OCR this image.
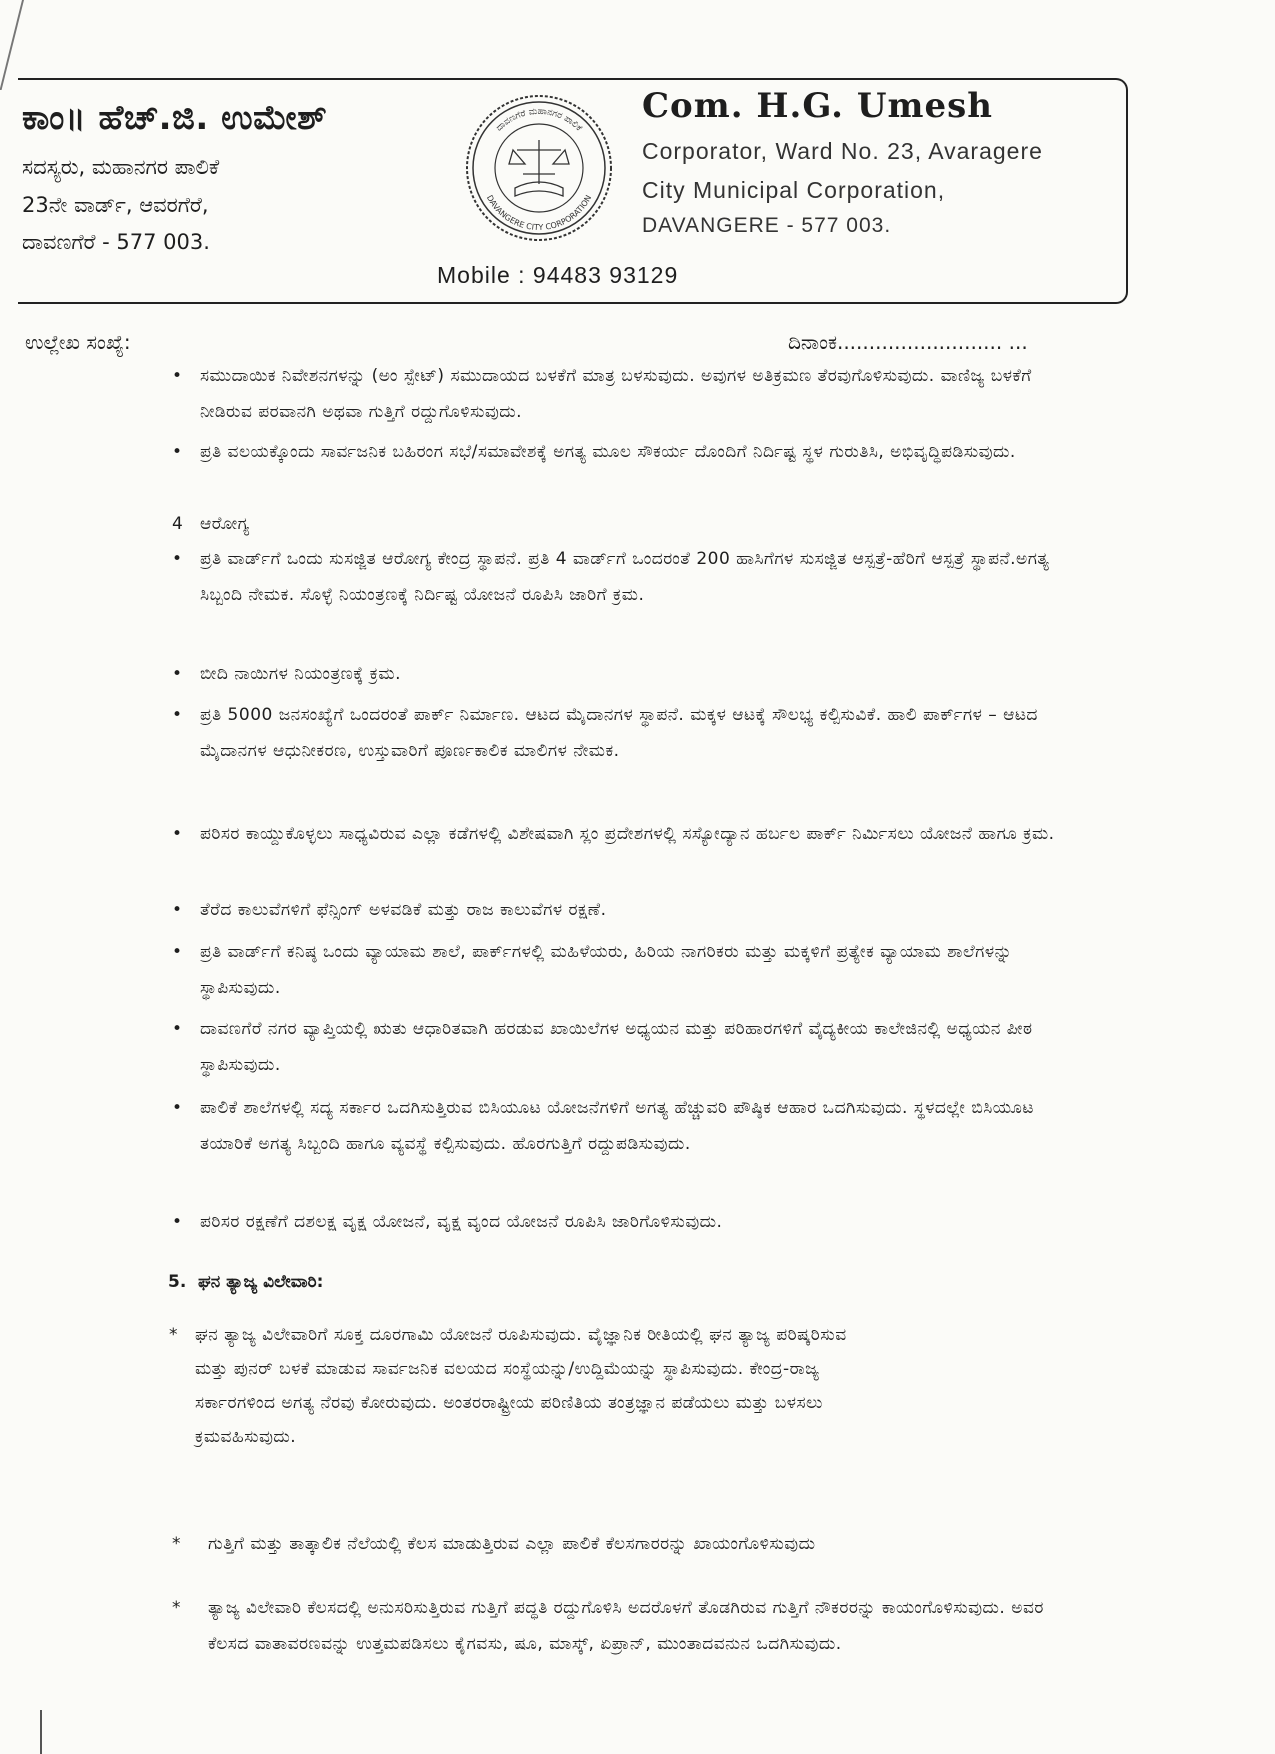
ಕಾಂ॥ ಹೆಚ್.ಜಿ. ಉಮೇಶ್
ಸದಸ್ಯರು, ಮಹಾನಗರ ಪಾಲಿಕೆ
23ನೇ ವಾರ್ಡ್, ಆವರಗೆರೆ,
ದಾವಣಗೆರೆ - 577 003.
ದಾವಣಗೆರೆ ಮಹಾನಗರ ಪಾಲಿಕೆ
DAVANGERE CITY CORPORATION
Com. H.G. Umesh
Corporator, Ward No. 23, Avaragere
City Municipal Corporation,
DAVANGERE - 577 003.
Mobile : 94483 93129
ಉಲ್ಲೇಖ ಸಂಖ್ಯೆ:	ದಿನಾಂಕ.......................... ...
• ಸಮುದಾಯಿಕ ನಿವೇಶನಗಳನ್ನು (ಅಂ ಸ್ಪೇಟ್) ಸಮುದಾಯದ ಬಳಕೆಗೆ ಮಾತ್ರ ಬಳಸುವುದು. ಅವುಗಳ ಅತಿಕ್ರಮಣ ತೆರವುಗೊಳಿಸುವುದು. ವಾಣಿಜ್ಯ ಬಳಕೆಗೆ ನೀಡಿರುವ ಪರವಾನಗಿ ಅಥವಾ ಗುತ್ತಿಗೆ ರದ್ದುಗೊಳಿಸುವುದು.
• ಪ್ರತಿ ವಲಯಕ್ಕೊಂದು ಸಾರ್ವಜನಿಕ ಬಹಿರಂಗ ಸಭೆ/ಸಮಾವೇಶಕ್ಕೆ ಅಗತ್ಯ ಮೂಲ ಸೌಕರ್ಯ ದೊಂದಿಗೆ ನಿರ್ದಿಷ್ಟ ಸ್ಥಳ ಗುರುತಿಸಿ, ಅಭಿವೃದ್ಧಿಪಡಿಸುವುದು.
4 ಆರೋಗ್ಯ
• ಪ್ರತಿ ವಾರ್ಡ್‌ಗೆ ಒಂದು ಸುಸಜ್ಜಿತ ಆರೋಗ್ಯ ಕೇಂದ್ರ ಸ್ಥಾಪನೆ. ಪ್ರತಿ 4 ವಾರ್ಡ್‌ಗೆ ಒಂದರಂತೆ 200 ಹಾಸಿಗೆಗಳ ಸುಸಜ್ಜಿತ ಆಸ್ಪತ್ರೆ-ಹೆರಿಗೆ ಆಸ್ಪತ್ರೆ ಸ್ಥಾಪನೆ.ಅಗತ್ಯ ಸಿಬ್ಬಂದಿ ನೇಮಕ. ಸೊಳ್ಳೆ ನಿಯಂತ್ರಣಕ್ಕೆ ನಿರ್ದಿಷ್ಟ ಯೋಜನೆ ರೂಪಿಸಿ ಜಾರಿಗೆ ಕ್ರಮ.
• ಬೀದಿ ನಾಯಿಗಳ ನಿಯಂತ್ರಣಕ್ಕೆ ಕ್ರಮ.
• ಪ್ರತಿ 5000 ಜನಸಂಖ್ಯೆಗೆ ಒಂದರಂತೆ ಪಾರ್ಕ್ ನಿರ್ಮಾಣ. ಆಟದ ಮೈದಾನಗಳ ಸ್ಥಾಪನೆ. ಮಕ್ಕಳ ಆಟಕ್ಕೆ ಸೌಲಭ್ಯ ಕಲ್ಪಿಸುವಿಕೆ. ಹಾಲಿ ಪಾರ್ಕ್‌ಗಳ – ಆಟದ ಮೈದಾನಗಳ ಆಧುನೀಕರಣ, ಉಸ್ತುವಾರಿಗೆ ಪೂರ್ಣಕಾಲಿಕ ಮಾಲಿಗಳ ನೇಮಕ.
• ಪರಿಸರ ಕಾಯ್ದುಕೊಳ್ಳಲು ಸಾಧ್ಯವಿರುವ ಎಲ್ಲಾ ಕಡೆಗಳಲ್ಲಿ ವಿಶೇಷವಾಗಿ ಸ್ಲಂ ಪ್ರದೇಶಗಳಲ್ಲಿ ಸಸ್ಯೋದ್ಯಾನ ಹರ್ಬಲ ಪಾರ್ಕ್ ನಿರ್ಮಿಸಲು ಯೋಜನೆ ಹಾಗೂ ಕ್ರಮ.
• ತೆರೆದ ಕಾಲುವೆಗಳಿಗೆ ಫೆನ್ಸಿಂಗ್ ಅಳವಡಿಕೆ ಮತ್ತು ರಾಜ ಕಾಲುವೆಗಳ ರಕ್ಷಣೆ.
• ಪ್ರತಿ ವಾರ್ಡ್‌ಗೆ ಕನಿಷ್ಠ ಒಂದು ವ್ಯಾಯಾಮ ಶಾಲೆ, ಪಾರ್ಕ್‌ಗಳಲ್ಲಿ ಮಹಿಳೆಯರು, ಹಿರಿಯ ನಾಗರಿಕರು ಮತ್ತು ಮಕ್ಕಳಿಗೆ ಪ್ರತ್ಯೇಕ ವ್ಯಾಯಾಮ ಶಾಲೆಗಳನ್ನು ಸ್ಥಾಪಿಸುವುದು.
• ದಾವಣಗೆರೆ ನಗರ ವ್ಯಾಪ್ತಿಯಲ್ಲಿ ಋತು ಆಧಾರಿತವಾಗಿ ಹರಡುವ ಖಾಯಿಲೆಗಳ ಅಧ್ಯಯನ ಮತ್ತು ಪರಿಹಾರಗಳಿಗೆ ವೈದ್ಯಕೀಯ ಕಾಲೇಜಿನಲ್ಲಿ ಅಧ್ಯಯನ ಪೀಠ ಸ್ಥಾಪಿಸುವುದು.
• ಪಾಲಿಕೆ ಶಾಲೆಗಳಲ್ಲಿ ಸದ್ಯ ಸರ್ಕಾರ ಒದಗಿಸುತ್ತಿರುವ ಬಿಸಿಯೂಟ ಯೋಜನೆಗಳಿಗೆ ಅಗತ್ಯ ಹೆಚ್ಚುವರಿ ಪೌಷ್ಠಿಕ ಆಹಾರ ಒದಗಿಸುವುದು. ಸ್ಥಳದಲ್ಲೇ ಬಿಸಿಯೂಟ ತಯಾರಿಕೆ ಅಗತ್ಯ ಸಿಬ್ಬಂದಿ ಹಾಗೂ ವ್ಯವಸ್ಥೆ ಕಲ್ಪಿಸುವುದು. ಹೊರಗುತ್ತಿಗೆ ರದ್ದುಪಡಿಸುವುದು.
• ಪರಿಸರ ರಕ್ಷಣೆಗೆ ದಶಲಕ್ಷ ವೃಕ್ಷ ಯೋಜನೆ, ವೃಕ್ಷ ವೃಂದ ಯೋಜನೆ ರೂಪಿಸಿ ಜಾರಿಗೊಳಿಸುವುದು.
5. ಘನ ತ್ಯಾಜ್ಯ ವಿಲೇವಾರಿ:
* ಘನ ತ್ಯಾಜ್ಯ ವಿಲೇವಾರಿಗೆ ಸೂಕ್ತ ದೂರಗಾಮಿ ಯೋಜನೆ ರೂಪಿಸುವುದು. ವೈಜ್ಞಾನಿಕ ರೀತಿಯಲ್ಲಿ ಘನ ತ್ಯಾಜ್ಯ ಪರಿಷ್ಕರಿಸುವ ಮತ್ತು ಪುನರ್ ಬಳಕೆ ಮಾಡುವ ಸಾರ್ವಜನಿಕ ವಲಯದ ಸಂಸ್ಥೆಯನ್ನು/ಉದ್ದಿಮೆಯನ್ನು ಸ್ಥಾಪಿಸುವುದು. ಕೇಂದ್ರ-ರಾಜ್ಯ ಸರ್ಕಾರಗಳಿಂದ ಅಗತ್ಯ ನೆರವು ಕೋರುವುದು. ಅಂತರರಾಷ್ಟ್ರೀಯ ಪರಿಣಿತಿಯ ತಂತ್ರಜ್ಞಾನ ಪಡೆಯಲು ಮತ್ತು ಬಳಸಲು ಕ್ರಮವಹಿಸುವುದು.
* ಗುತ್ತಿಗೆ ಮತ್ತು ತಾತ್ಕಾಲಿಕ ನೆಲೆಯಲ್ಲಿ ಕೆಲಸ ಮಾಡುತ್ತಿರುವ ಎಲ್ಲಾ ಪಾಲಿಕೆ ಕೆಲಸಗಾರರನ್ನು ಖಾಯಂಗೊಳಿಸುವುದು
* ತ್ಯಾಜ್ಯ ವಿಲೇವಾರಿ ಕೆಲಸದಲ್ಲಿ ಅನುಸರಿಸುತ್ತಿರುವ ಗುತ್ತಿಗೆ ಪದ್ಧತಿ ರದ್ದುಗೊಳಿಸಿ ಅದರೊಳಗೆ ತೊಡಗಿರುವ ಗುತ್ತಿಗೆ ನೌಕರರನ್ನು ಕಾಯಂಗೊಳಿಸುವುದು. ಅವರ ಕೆಲಸದ ವಾತಾವರಣವನ್ನು ಉತ್ತಮಪಡಿಸಲು ಕೈಗವಸು, ಷೂ, ಮಾಸ್ಕ್, ಏಪ್ರಾನ್, ಮುಂತಾದವನುನ ಒದಗಿಸುವುದು.
